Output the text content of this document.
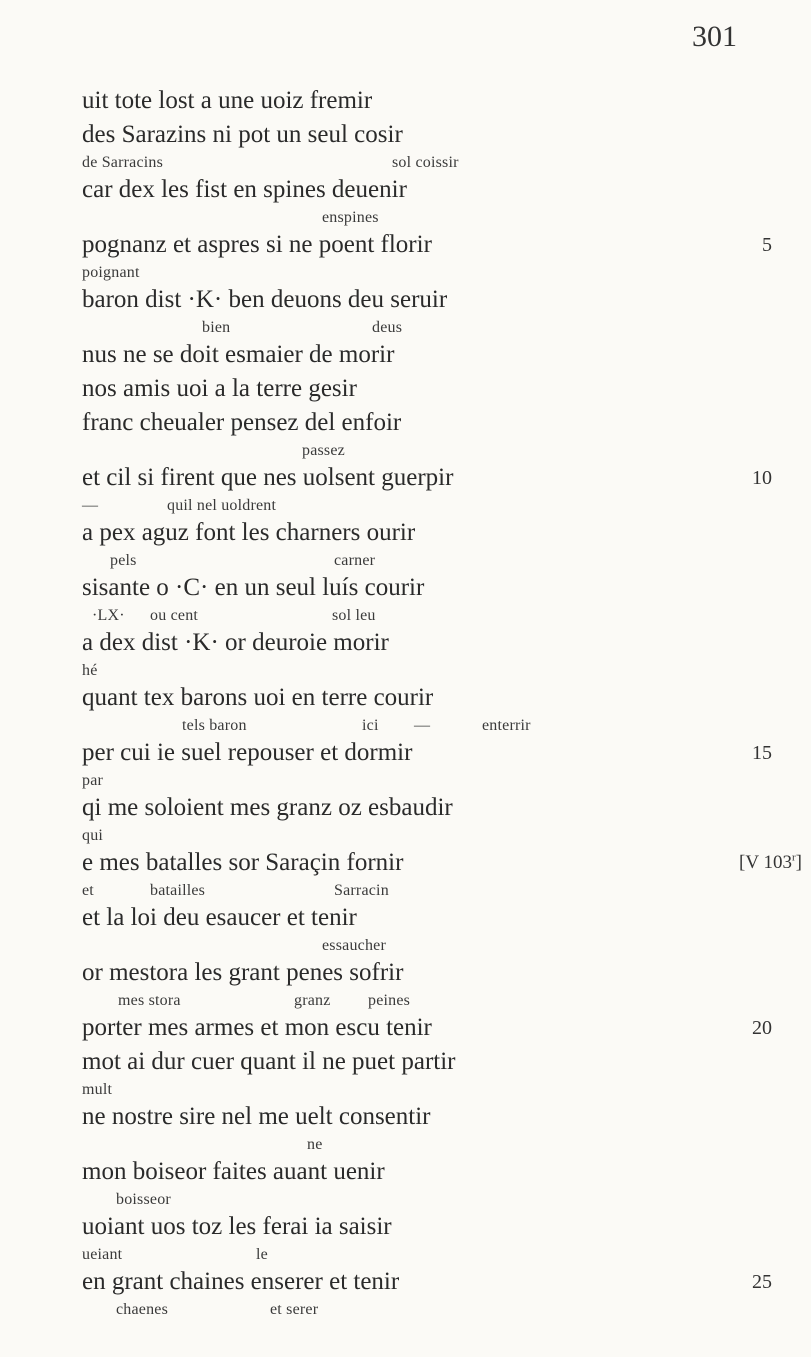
301
uit tote lost a une uoiz fremir
des Sarazins ni pot un seul cosir
de Sarracins	sol coissir
car dex les fist en spines deuenir
enspines
pognanz et aspres si ne poent florir	5
poignant
baron dist ·K· ben deuons deu seruir
bien	deus
nus ne se doit esmaier de morir
nos amis uoi a la terre gesir
franc cheualer pensez del enfoir
passez
et cil si firent que nes uolsent guerpir	10
—	quil nel uoldrent
a pex aguz font les charners ourir
pels	carner
sisante o ·C· en un seul luís courir
·LX· ou cent	sol leu
a dex dist ·K· or deuroie morir
hé
quant tex barons uoi en terre courir
tels baron	ici —	enterrir
per cui ie suel repouser et dormir	15
par
qi me soloient mes granz oz esbaudir
qui
e mes batalles sor Saraçin fornir	[V 103$^r$]
et	batailles	Sarracin
et la loi deu esaucer et tenir
essaucher
or mestora les grant penes sofrir
mes stora	granz peines
porter mes armes et mon escu tenir	20
mot ai dur cuer quant il ne puet partir
mult
ne nostre sire nel me uelt consentir
ne
mon boiseor faites auant uenir
boisseor
uoiant uos toz les ferai ia saisir
ueiant	le
en grant chaines enserer et tenir	25
chaenes	et serer
